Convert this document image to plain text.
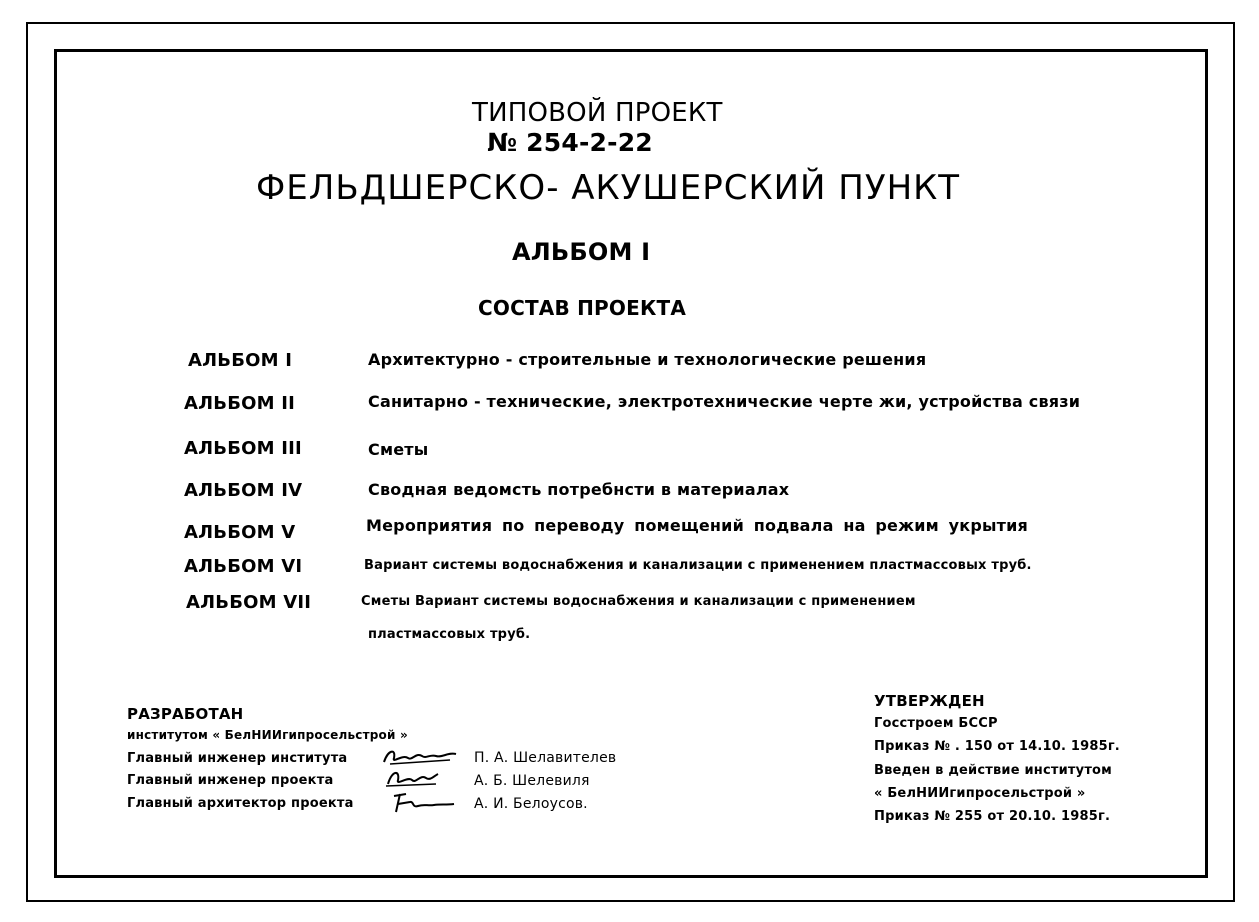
ТИПОВОЙ ПРОЕКТ
№ 254-2-22
ФЕЛЬДШЕРСКО- АКУШЕРСКИЙ ПУНКТ
АЛЬБОМ I
СОСТАВ ПРОЕКТА
АЛЬБОМ I	Архитектурно - строительные и технологические решения
АЛЬБОМ II	Санитарно - технические, электротехнические черте жи, устройства связи
АЛЬБОМ III	Сметы
АЛЬБОМ IV	Сводная ведомсть потребнсти в материалах
АЛЬБОМ V	Мероприятия по переводу помещений подвала на режим укрытия
АЛЬБОМ VI	Вариант системы водоснабжения и канализации с применением пластмассовых труб.
АЛЬБОМ VII	Сметы Вариант системы водоснабжения и канализации с применением
пластмассовых труб.
РАЗРАБОТАН
институтом « БелНИИгипросельстрой »
Главный инженер института	П. А. Шелавителев
Главный инженер проекта	А. Б. Шелевиля
Главный архитектор проекта	А. И. Белоусов.
УТВЕРЖДЕН
Госстроем БССР
Приказ № . 150 от 14.10. 1985г.
Введен в действие институтом
« БелНИИгипросельстрой »
Приказ № 255 от 20.10. 1985г.
